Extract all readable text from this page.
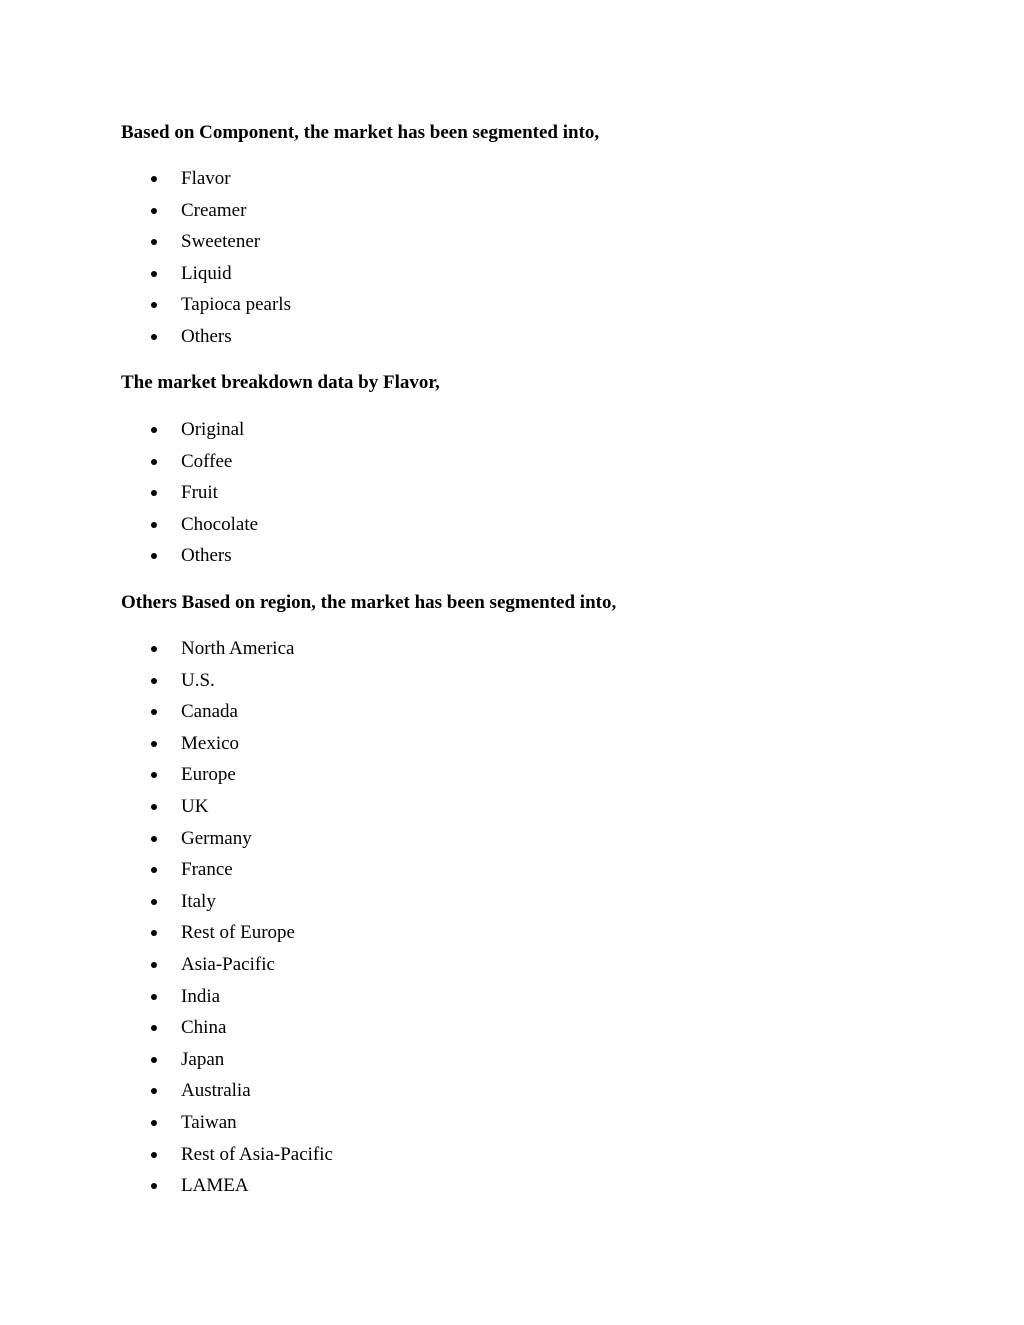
Based on Component, the market has been segmented into,
Flavor
Creamer
Sweetener
Liquid
Tapioca pearls
Others
The market breakdown data by Flavor,
Original
Coffee
Fruit
Chocolate
Others
Others Based on region, the market has been segmented into,
North America
U.S.
Canada
Mexico
Europe
UK
Germany
France
Italy
Rest of Europe
Asia-Pacific
India
China
Japan
Australia
Taiwan
Rest of Asia-Pacific
LAMEA
